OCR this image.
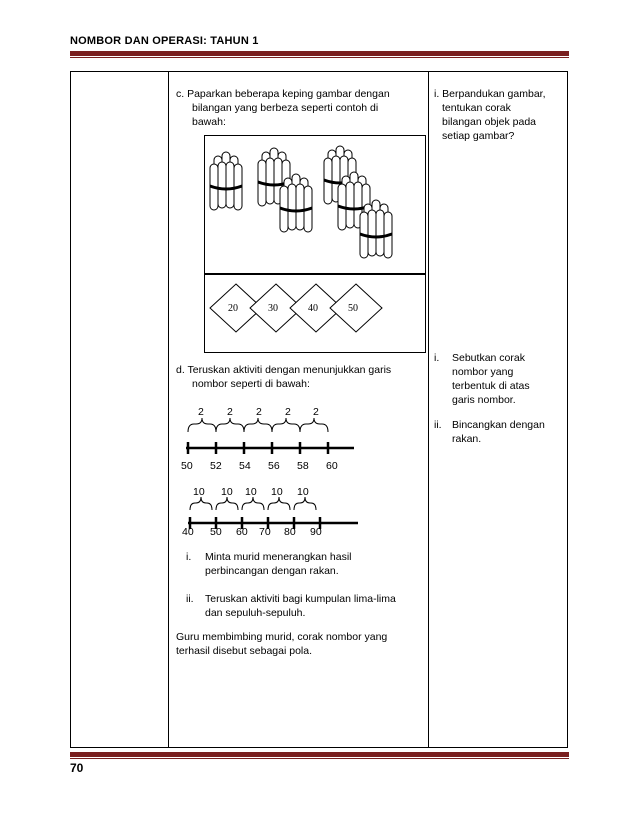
NOMBOR DAN OPERASI: TAHUN 1
c. Paparkan beberapa keping gambar dengan
bilangan yang berbeza seperti contoh di
bawah:
i. Berpandukan gambar,
tentukan corak
bilangan objek pada
setiap gambar?
20	30	40	50
d. Teruskan aktiviti dengan menunjukkan garis
nombor seperti di bawah:
i. Sebutkan corak
nombor yang
terbentuk di atas
garis nombor.
ii. Bincangkan dengan
rakan.
2 2 2 2 2
50 52 54 56 58 60
10 10 10 10 10
40 50 60 70 80 90
i. Minta murid menerangkan hasil
perbincangan dengan rakan.
ii. Teruskan aktiviti bagi kumpulan lima-lima
dan sepuluh-sepuluh.
Guru membimbing murid, corak nombor yang
terhasil disebut sebagai pola.
70
